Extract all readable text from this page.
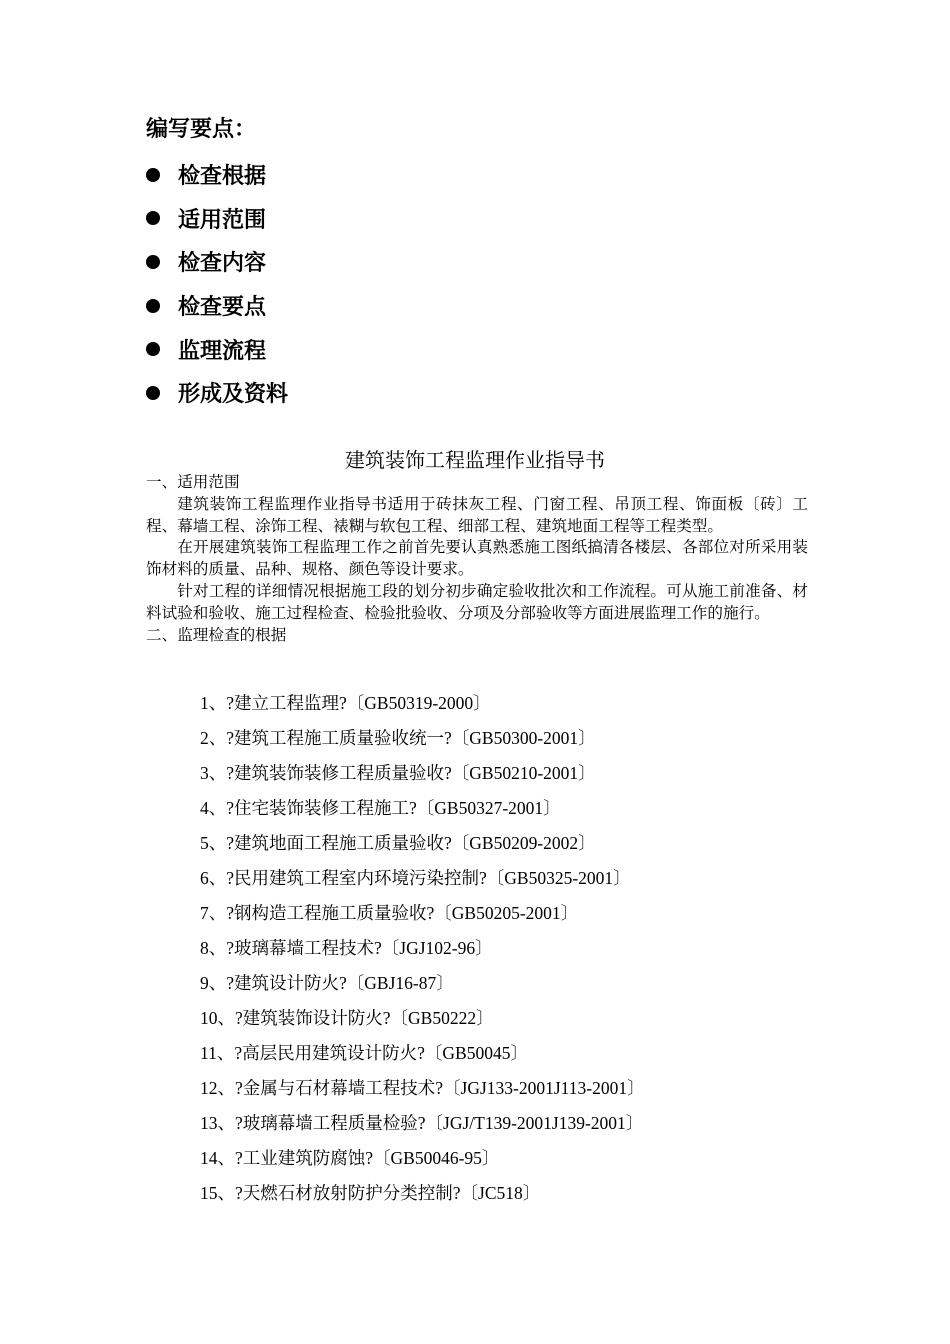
编写要点：
检查根据
适用范围
检查内容
检查要点
监理流程
形成及资料
建筑装饰工程监理作业指导书

一、适用范围

建筑装饰工程监理作业指导书适用于砖抹灰工程、门窗工程、吊顶工程、饰面板〔砖〕工程、幕墙工程、涂饰工程、裱糊与软包工程、细部工程、建筑地面工程等工程类型。

在开展建筑装饰工程监理工作之前首先要认真熟悉施工图纸搞清各楼层、各部位对所采用装饰材料的质量、品种、规格、颜色等设计要求。

针对工程的详细情况根据施工段的划分初步确定验收批次和工作流程。可从施工前准备、材料试验和验收、施工过程检查、检验批验收、分项及分部验收等方面进展监理工作的施行。

二、监理检查的根据

1、?建立工程监理?〔GB50319-2000〕
2、?建筑工程施工质量验收统一?〔GB50300-2001〕
3、?建筑装饰装修工程质量验收?〔GB50210-2001〕
4、?住宅装饰装修工程施工?〔GB50327-2001〕
5、?建筑地面工程施工质量验收?〔GB50209-2002〕
6、?民用建筑工程室内环境污染控制?〔GB50325-2001〕
7、?钢构造工程施工质量验收?〔GB50205-2001〕
8、?玻璃幕墙工程技术?〔JGJ102-96〕
9、?建筑设计防火?〔GBJ16-87〕
10、?建筑装饰设计防火?〔GB50222〕
11、?高层民用建筑设计防火?〔GB50045〕
12、?金属与石材幕墙工程技术?〔JGJ133-2001J113-2001〕
13、?玻璃幕墙工程质量检验?〔JGJ/T139-2001J139-2001〕
14、?工业建筑防腐蚀?〔GB50046-95〕
15、?天燃石材放射防护分类控制?〔JC518〕
